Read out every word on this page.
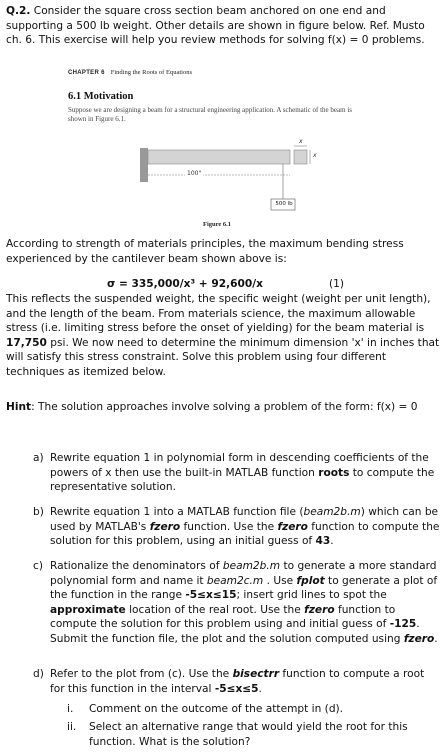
Q.2. Consider the square cross section beam anchored on one end and supporting a 500 lb weight. Other details are shown in figure below. Ref. Musto ch. 6. This exercise will help you review methods for solving f(x) = 0 problems.
CHAPTER 6 Finding the Roots of Equations
6.1 Motivation
Suppose we are designing a beam for a structural engineering application. A schematic of the beam is shown in Figure 6.1.
100"
x
x
500 lb
Figure 6.1
According to strength of materials principles, the maximum bending stress experienced by the cantilever beam shown above is:
σ = 335,000/x³ + 92,600/x	(1)
This reflects the suspended weight, the specific weight (weight per unit length), and the length of the beam. From materials science, the maximum allowable stress (i.e. limiting stress before the onset of yielding) for the beam material is 17,750 psi. We now need to determine the minimum dimension 'x' in inches that will satisfy this stress constraint. Solve this problem using four different techniques as itemized below.
Hint: The solution approaches involve solving a problem of the form: f(x) = 0
a) Rewrite equation 1 in polynomial form in descending coefficients of the powers of x then use the built-in MATLAB function roots to compute the representative solution.
b) Rewrite equation 1 into a MATLAB function file (beam2b.m) which can be used by MATLAB's fzero function. Use the fzero function to compute the solution for this problem, using an initial guess of 43.
c) Rationalize the denominators of beam2b.m to generate a more standard polynomial form and name it beam2c.m . Use fplot to generate a plot of the function in the range -5≤x≤15; insert grid lines to spot the approximate location of the real root. Use the fzero function to compute the solution for this problem using and initial guess of -125. Submit the function file, the plot and the solution computed using fzero.
d) Refer to the plot from (c). Use the bisectrr function to compute a root for this function in the interval -5≤x≤5.
i. Comment on the outcome of the attempt in (d).
ii. Select an alternative range that would yield the root for this function. What is the solution?
